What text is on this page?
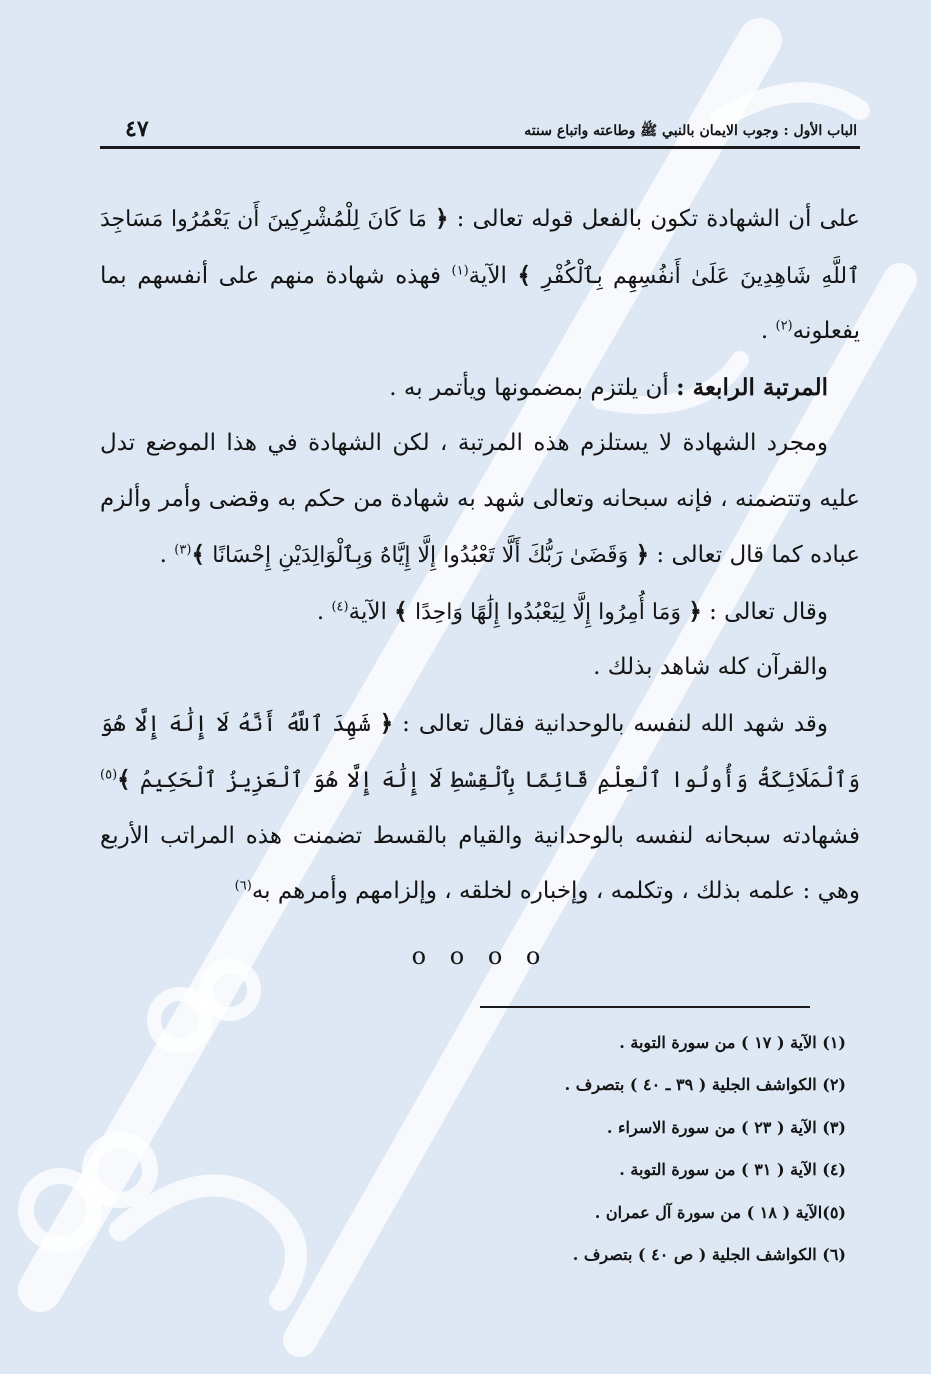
الباب الأول : وجوب الايمان بالنبي ﷺ وطاعته واتباع سنته
٤٧

على أن الشهادة تكون بالفعل قوله تعالى : ﴿ مَا كَانَ لِلْمُشْرِكِينَ أَن يَعْمُرُوا مَسَاجِدَ ٱللَّهِ شَاهِدِينَ عَلَىٰ أَنفُسِهِم بِٱلْكُفْرِ ﴾ الآية$^{(١)}$ فهذه شهادة منهم على أنفسهم بما يفعلونه$^{(٢)}$ .

المرتبة الرابعة : أن يلتزم بمضمونها ويأتمر به .

ومجرد الشهادة لا يستلزم هذه المرتبة ، لكن الشهادة في هذا الموضع تدل عليه وتتضمنه ، فإنه سبحانه وتعالى شهد به شهادة من حكم به وقضى وأمر وألزم عباده كما قال تعالى : ﴿ وَقَضَىٰ رَبُّكَ أَلَّا تَعْبُدُوا إِلَّا إِيَّاهُ وَبِٱلْوَالِدَيْنِ إِحْسَانًا ﴾$^{(٣)}$ .

وقال تعالى : ﴿ وَمَا أُمِرُوا إِلَّا لِيَعْبُدُوا إِلَٰهًا وَاحِدًا ﴾ الآية$^{(٤)}$ .

والقرآن كله شاهد بذلك .

وقد شهد الله لنفسه بالوحدانية فقال تعالى : ﴿ شَهِدَ ٱللَّهُ أَنَّهُ لَا إِلَٰهَ إِلَّا هُوَ وَٱلْمَلَائِكَةُ وَأُولُوا ٱلْعِلْمِ قَائِمًا بِٱلْقِسْطِ لَا إِلَٰهَ إِلَّا هُوَ ٱلْعَزِيزُ ٱلْحَكِيمُ ﴾$^{(٥)}$ فشهادته سبحانه لنفسه بالوحدانية والقيام بالقسط تضمنت هذه المراتب الأربع وهي : علمه بذلك ، وتكلمه ، وإخباره لخلقه ، وإلزامهم وأمرهم به$^{(٦)}$

o o o o
(١) الآية ( ١٧ ) من سورة التوبة .
(٢) الكواشف الجلية ( ٣٩ ـ ٤٠ ) بتصرف .
(٣) الآية ( ٢٣ ) من سورة الاسراء .
(٤) الآية ( ٣١ ) من سورة التوبة .
(٥)الآية ( ١٨ ) من سورة آل عمران .
(٦) الكواشف الجلية ( ص ٤٠ ) بتصرف .
